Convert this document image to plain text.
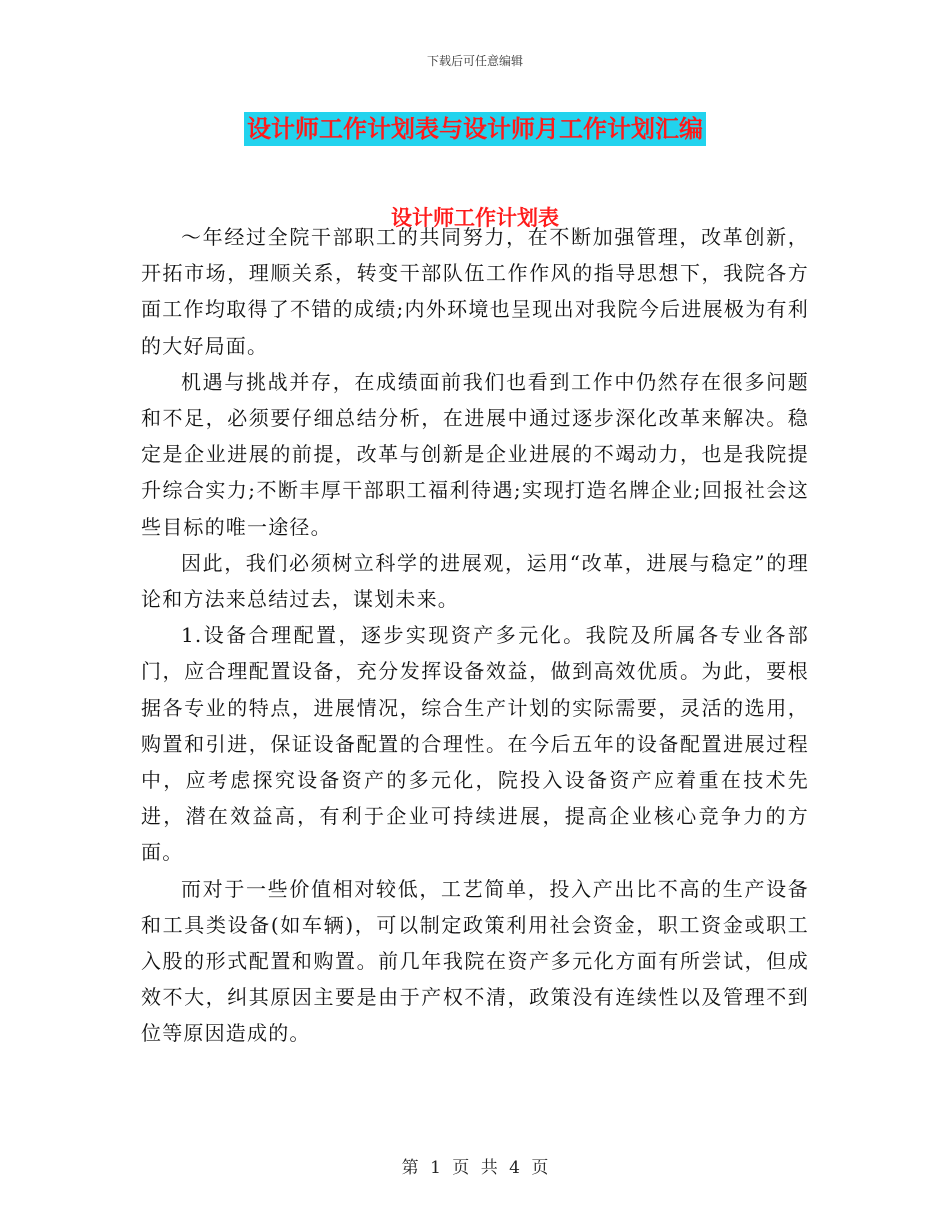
下载后可任意编辑
设计师工作计划表与设计师月工作计划汇编
设计师工作计划表

～年经过全院干部职工的共同努力，在不断加强管理，改革创新，开拓市场，理顺关系，转变干部队伍工作作风的指导思想下，我院各方面工作均取得了不错的成绩;内外环境也呈现出对我院今后进展极为有利的大好局面。

机遇与挑战并存，在成绩面前我们也看到工作中仍然存在很多问题和不足，必须要仔细总结分析，在进展中通过逐步深化改革来解决。稳定是企业进展的前提，改革与创新是企业进展的不竭动力，也是我院提升综合实力;不断丰厚干部职工福利待遇;实现打造名牌企业;回报社会这些目标的唯一途径。

因此，我们必须树立科学的进展观，运用“改革，进展与稳定”的理论和方法来总结过去，谋划未来。

1.设备合理配置，逐步实现资产多元化。我院及所属各专业各部门，应合理配置设备，充分发挥设备效益，做到高效优质。为此，要根据各专业的特点，进展情况，综合生产计划的实际需要，灵活的选用，购置和引进，保证设备配置的合理性。在今后五年的设备配置进展过程中，应考虑探究设备资产的多元化，院投入设备资产应着重在技术先进，潜在效益高，有利于企业可持续进展，提高企业核心竞争力的方面。

而对于一些价值相对较低，工艺简单，投入产出比不高的生产设备和工具类设备(如车辆)，可以制定政策利用社会资金，职工资金或职工入股的形式配置和购置。前几年我院在资产多元化方面有所尝试，但成效不大，纠其原因主要是由于产权不清，政策没有连续性以及管理不到位等原因造成的。

第 1 页 共 4 页
